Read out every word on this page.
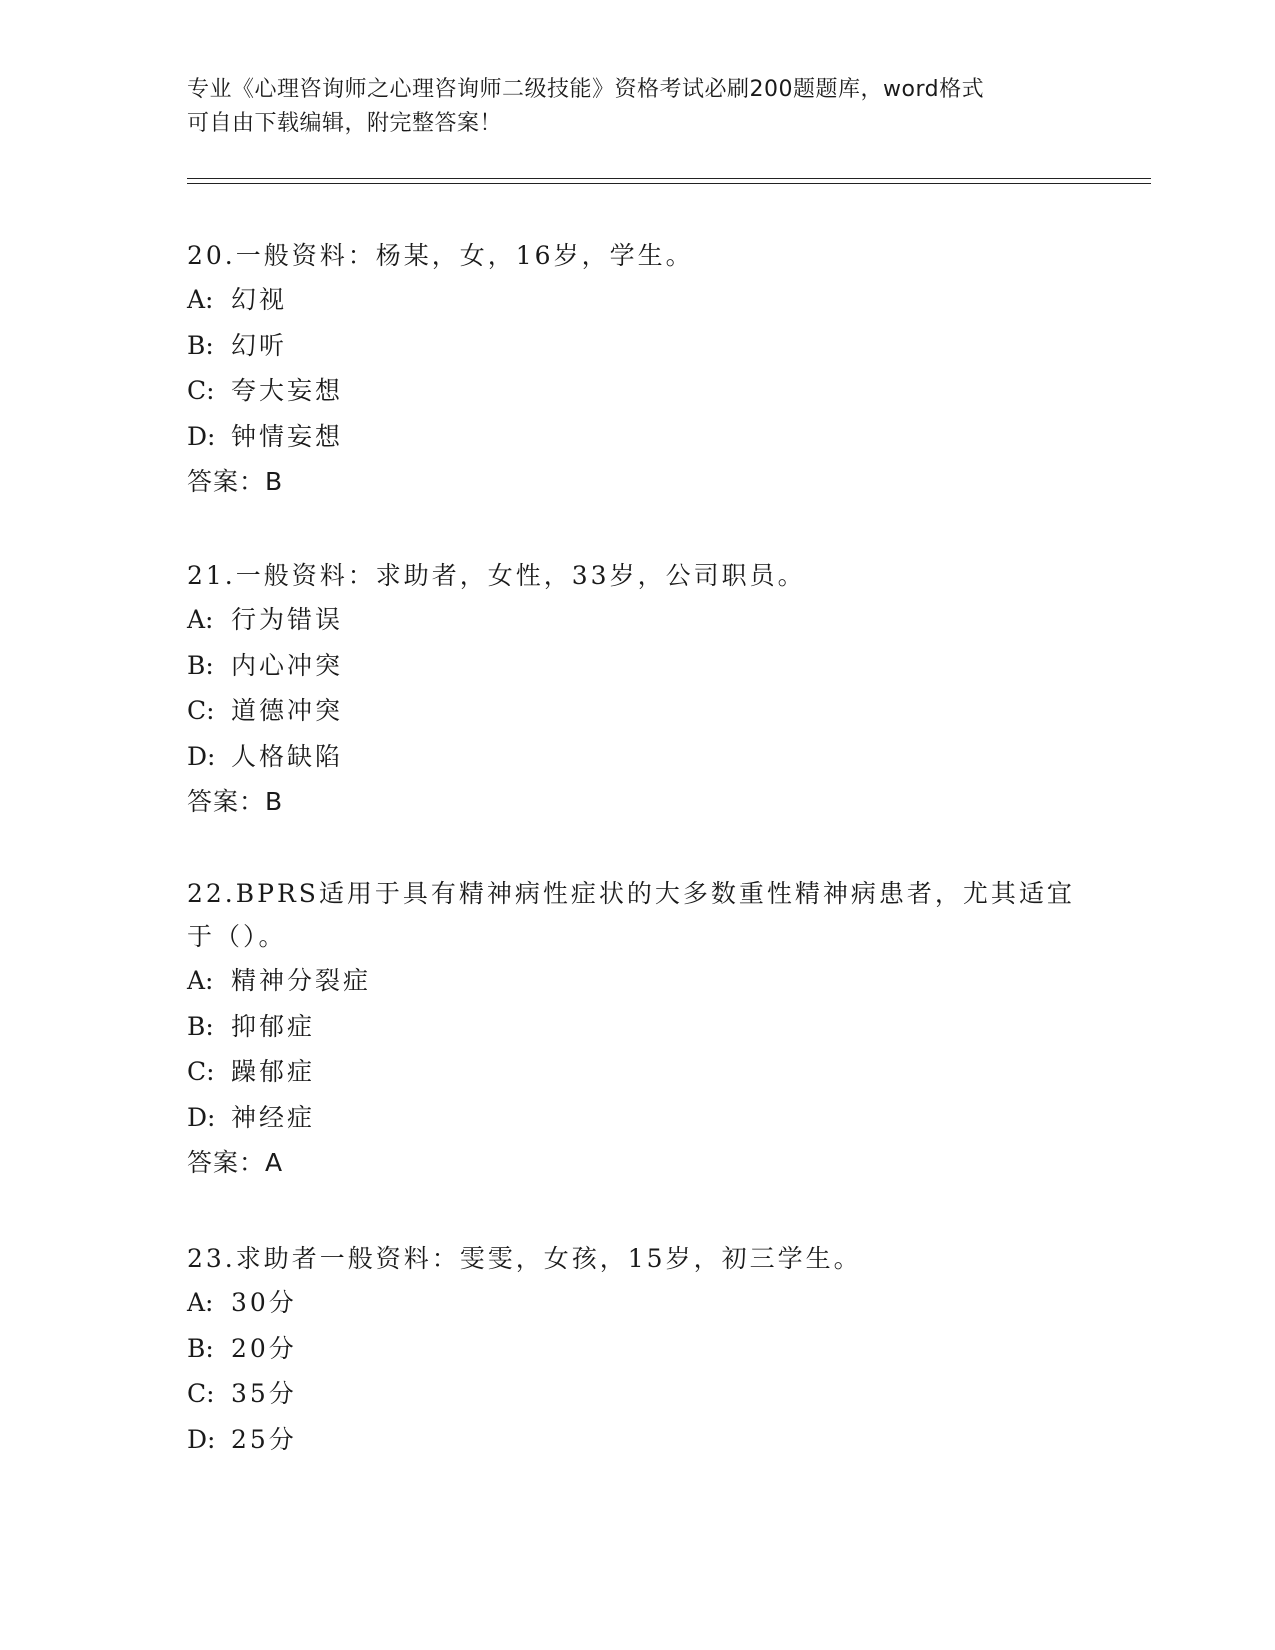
专业《心理咨询师之心理咨询师二级技能》资格考试必刷200题题库，word格式
可自由下载编辑，附完整答案！
20.一般资料：杨某，女，16岁，学生。
A: 幻视
B: 幻听
C: 夸大妄想
D: 钟情妄想
答案：B
21.一般资料：求助者，女性，33岁，公司职员。
A: 行为错误
B: 内心冲突
C: 道德冲突
D: 人格缺陷
答案：B
22.BPRS适用于具有精神病性症状的大多数重性精神病患者，尤其适宜于（）。
A: 精神分裂症
B: 抑郁症
C: 躁郁症
D: 神经症
答案：A
23.求助者一般资料：雯雯，女孩，15岁，初三学生。
A: 30分
B: 20分
C: 35分
D: 25分
